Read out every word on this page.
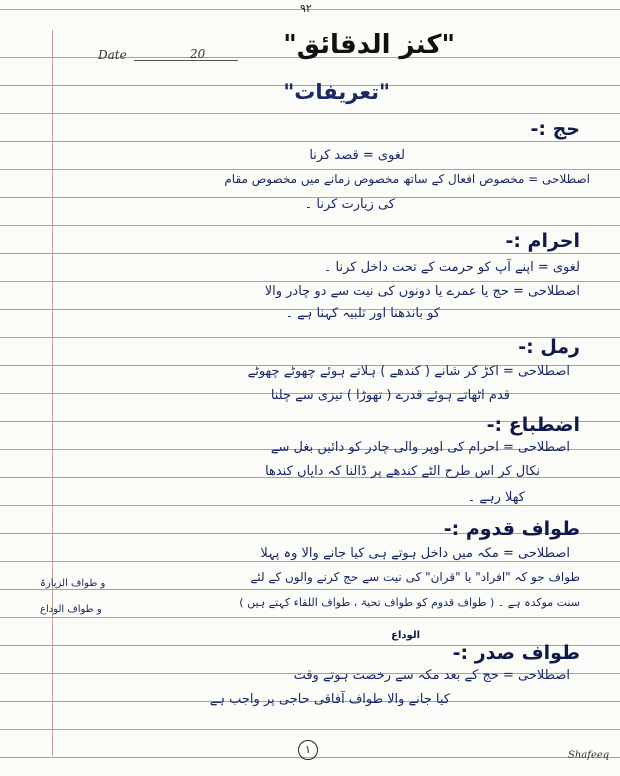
۹۲
Date	20	"کنز الدقائق"
"تعریفات"
حج :-
لغوی = قصد کرنا
اصطلاحی = مخصوص افعال کے ساتھ مخصوص زمانے میں مخصوص مقام
کی زیارت کرنا ۔
احرام :-
لغوی = اپنے آپ کو حرمت کے تحت داخل کرنا ۔
اصطلاحی = حج یا عمرے یا دونوں کی نیت سے دو چادر والا
کو باندھنا اور تلبیہ کہنا ہے ۔
رمل :-
اصطلاحی = اکڑ کر شانے ( کندھے ) ہلاتے ہوئے چھوٹے چھوٹے
قدم اٹھاتے ہوئے قدرے ( تھوڑا ) تیزی سے چلنا
اضطباع :-
اصطلاحی = احرام کی اوپر والی چادر کو دائیں بغل سے
نکال کر اس طرح الٹے کندھے پر ڈالنا کہ دایاں کندھا
کھلا رہے ۔
طواف قدوم :-
اصطلاحی = مکہ میں داخل ہوتے ہی کیا جانے والا وہ پہلا
طواف جو کہ "افراد" یا "قران" کی نیت سے حج کرنے والوں کے لئے
سنت موکدہ ہے ۔ ( طواف قدوم کو طواف تحیۃ ، طواف اللقاء کہتے ہیں )
و طواف الزیارۃ
و طواف الوداع
الوداع
طواف صدر :-
اصطلاحی = حج کے بعد مکہ سے رخصت ہوتے وقت
کیا جانے والا طواف آفاقی حاجی پر واجب ہے
۱	Shafeeq
